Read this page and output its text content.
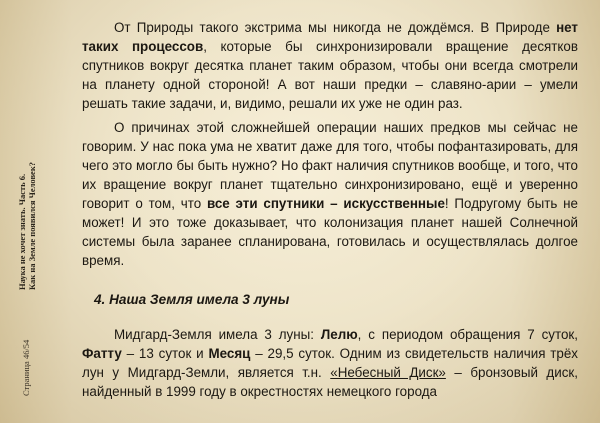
Наука не хочет знать. Часть 6. Как на Земле появился Человек?
Страница 46/54

От Природы такого экстрима мы никогда не дождёмся. В Природе нет таких процессов, которые бы синхронизировали вращение десятков спутников вокруг десятка планет таким образом, чтобы они всегда смотрели на планету одной стороной! А вот наши предки – славяно-арии – умели решать такие задачи, и, видимо, решали их уже не один раз.

О причинах этой сложнейшей операции наших предков мы сейчас не говорим. У нас пока ума не хватит даже для того, чтобы пофантазировать, для чего это могло бы быть нужно? Но факт наличия спутников вообще, и того, что их вращение вокруг планет тщательно синхронизировано, ещё и уверенно говорит о том, что все эти спутники – искусственные! Подругому быть не может! И это тоже доказывает, что колонизация планет нашей Солнечной системы была заранее спланирована, готовилась и осуществлялась долгое время.

4. Наша Земля имела 3 луны

Мидгард-Земля имела 3 луны: Лелю, с периодом обращения 7 суток, Фатту – 13 суток и Месяц – 29,5 суток. Одним из свидетельств наличия трёх лун у Мидгард-Земли, является т.н. «Небесный Диск» – бронзовый диск, найденный в 1999 году в окрестностях немецкого города
